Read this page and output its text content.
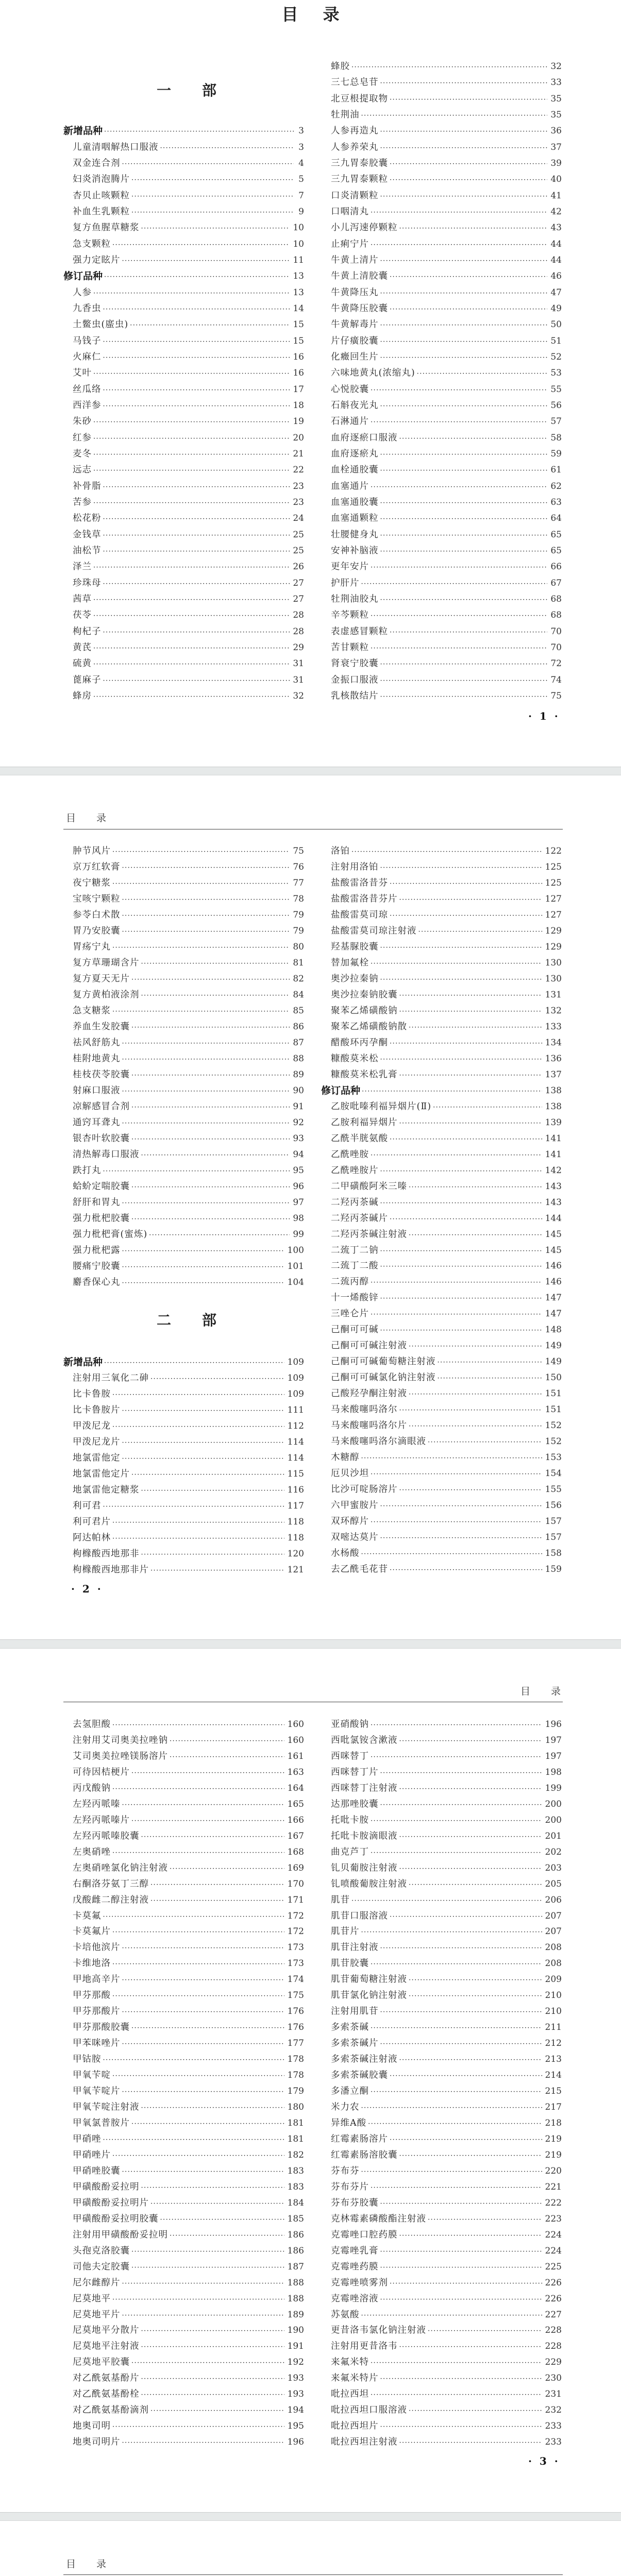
目录
一部
目录
目录
目录
二部
· 1 ·
· 2 ·
· 3 ·
新增品种 ·····	3
儿童清咽解热口服液 ·····	3
双金连合剂 ·····	4
妇炎消泡腾片 ·····	5
杏贝止咳颗粒 ·····	7
补血生乳颗粒 ·····	9
复方鱼腥草糖浆 ·····	10
急支颗粒 ·····	10
强力定眩片 ·····	11
修订品种 ·····	13
人参 ·····	13
九香虫 ·····	14
土鳖虫(䗪虫) ·····	15
马钱子 ·····	15
火麻仁 ·····	16
艾叶 ·····	16
丝瓜络 ·····	17
西洋参 ·····	18
朱砂 ·····	19
红参 ·····	20
麦冬 ·····	21
远志 ·····	22
补骨脂 ·····	23
苦参 ·····	23
松花粉 ·····	24
金钱草 ·····	25
油松节 ·····	25
泽兰 ·····	26
珍珠母 ·····	27
茜草 ·····	27
茯苓 ·····	28
枸杞子 ·····	28
黄芪 ·····	29
硫黄 ·····	31
蓖麻子 ·····	31
蜂房 ·····	32
蜂胶 ·····	32
三七总皂苷 ·····	33
北豆根提取物 ·····	35
牡荆油 ·····	35
人参再造丸 ·····	36
人参养荣丸 ·····	37
三九胃泰胶囊 ·····	39
三九胃泰颗粒 ·····	40
口炎清颗粒 ·····	41
口咽清丸 ·····	42
小儿泻速停颗粒 ·····	43
止痢宁片 ·····	44
牛黄上清片 ·····	44
牛黄上清胶囊 ·····	46
牛黄降压丸 ·····	47
牛黄降压胶囊 ·····	49
牛黄解毒片 ·····	50
片仔癀胶囊 ·····	51
化癥回生片 ·····	52
六味地黄丸(浓缩丸) ·····	53
心悦胶囊 ·····	55
石斛夜光丸 ·····	56
石淋通片 ·····	57
血府逐瘀口服液 ·····	58
血府逐瘀丸 ·····	59
血栓通胶囊 ·····	61
血塞通片 ·····	62
血塞通胶囊 ·····	63
血塞通颗粒 ·····	64
壮腰健身丸 ·····	65
安神补脑液 ·····	65
更年安片 ·····	66
护肝片 ·····	67
牡荆油胶丸 ·····	68
辛芩颗粒 ·····	68
表虚感冒颗粒 ·····	70
苦甘颗粒 ·····	70
肾衰宁胶囊 ·····	72
金振口服液 ·····	74
乳核散结片 ·····	75
肿节风片 ·····	75
京万红软膏 ·····	76
夜宁糖浆 ·····	77
宝咳宁颗粒 ·····	78
参苓白术散 ·····	79
胃乃安胶囊 ·····	79
胃疡宁丸 ·····	80
复方草珊瑚含片 ·····	81
复方夏天无片 ·····	82
复方黄柏液涂剂 ·····	84
急支糖浆 ·····	85
养血生发胶囊 ·····	86
祛风舒筋丸 ·····	87
桂附地黄丸 ·····	88
桂枝茯苓胶囊 ·····	89
射麻口服液 ·····	90
凉解感冒合剂 ·····	91
通窍耳聋丸 ·····	92
银杏叶软胶囊 ·····	93
清热解毒口服液 ·····	94
跌打丸 ·····	95
蛤蚧定喘胶囊 ·····	96
舒肝和胃丸 ·····	97
强力枇杷胶囊 ·····	98
强力枇杷膏(蜜炼) ·····	99
强力枇杷露 ·····	100
腰痛宁胶囊 ·····	101
麝香保心丸 ·····	104
新增品种 ·····	109
注射用三氧化二砷 ·····	109
比卡鲁胺 ·····	109
比卡鲁胺片 ·····	111
甲泼尼龙 ·····	112
甲泼尼龙片 ·····	114
地氯雷他定 ·····	114
地氯雷他定片 ·····	115
地氯雷他定糖浆 ·····	116
利可君 ·····	117
利可君片 ·····	118
阿达帕林 ·····	118
枸橼酸西地那非 ·····	120
枸橼酸西地那非片 ·····	121
洛铂 ·····	122
注射用洛铂 ·····	125
盐酸雷洛昔芬 ·····	125
盐酸雷洛昔芬片 ·····	127
盐酸雷莫司琼 ·····	127
盐酸雷莫司琼注射液 ·····	129
羟基脲胶囊 ·····	129
替加氟栓 ·····	130
奥沙拉秦钠 ·····	130
奥沙拉秦钠胶囊 ·····	131
聚苯乙烯磺酸钠 ·····	132
聚苯乙烯磺酸钠散 ·····	133
醋酸环丙孕酮 ·····	134
糠酸莫米松 ·····	136
糠酸莫米松乳膏 ·····	137
修订品种 ·····	138
乙胺吡嗪利福异烟片(Ⅱ) ·····	138
乙胺利福异烟片 ·····	139
乙酰半胱氨酸 ·····	141
乙酰唑胺 ·····	141
乙酰唑胺片 ·····	142
二甲磺酸阿米三嗪 ·····	143
二羟丙茶碱 ·····	143
二羟丙茶碱片 ·····	144
二羟丙茶碱注射液 ·····	145
二巯丁二钠 ·····	145
二巯丁二酸 ·····	146
二巯丙醇 ·····	146
十一烯酸锌 ·····	147
三唑仑片 ·····	147
己酮可可碱 ·····	148
己酮可可碱注射液 ·····	149
己酮可可碱葡萄糖注射液 ·····	149
己酮可可碱氯化钠注射液 ·····	150
己酸羟孕酮注射液 ·····	151
马来酸噻吗洛尔 ·····	151
马来酸噻吗洛尔片 ·····	152
马来酸噻吗洛尔滴眼液 ·····	152
木糖醇 ·····	153
厄贝沙坦 ·····	154
比沙可啶肠溶片 ·····	155
六甲蜜胺片 ·····	156
双环醇片 ·····	157
双嘧达莫片 ·····	157
水杨酸 ·····	158
去乙酰毛花苷 ·····	159
去氢胆酸 ·····	160
注射用艾司奥美拉唑钠 ·····	160
艾司奥美拉唑镁肠溶片 ·····	161
可待因桔梗片 ·····	163
丙戊酸钠 ·····	164
左羟丙哌嗪 ·····	165
左羟丙哌嗪片 ·····	166
左羟丙哌嗪胶囊 ·····	167
左奥硝唑 ·····	168
左奥硝唑氯化钠注射液 ·····	169
右酮洛芬氨丁三醇 ·····	170
戊酸雌二醇注射液 ·····	171
卡莫氟 ·····	172
卡莫氟片 ·····	172
卡培他滨片 ·····	173
卡维地洛 ·····	173
甲地高辛片 ·····	174
甲芬那酸 ·····	175
甲芬那酸片 ·····	176
甲芬那酸胶囊 ·····	176
甲苯咪唑片 ·····	177
甲钴胺 ·····	178
甲氧苄啶 ·····	178
甲氧苄啶片 ·····	179
甲氧苄啶注射液 ·····	180
甲氧氯普胺片 ·····	181
甲硝唑 ·····	181
甲硝唑片 ·····	182
甲硝唑胶囊 ·····	183
甲磺酸酚妥拉明 ·····	183
甲磺酸酚妥拉明片 ·····	184
甲磺酸酚妥拉明胶囊 ·····	185
注射用甲磺酸酚妥拉明 ·····	186
头孢克洛胶囊 ·····	186
司他夫定胶囊 ·····	187
尼尔雌醇片 ·····	188
尼莫地平 ·····	188
尼莫地平片 ·····	189
尼莫地平分散片 ·····	190
尼莫地平注射液 ·····	191
尼莫地平胶囊 ·····	192
对乙酰氨基酚片 ·····	193
对乙酰氨基酚栓 ·····	193
对乙酰氨基酚滴剂 ·····	194
地奥司明 ·····	195
地奥司明片 ·····	196
亚硝酸钠 ·····	196
西吡氯铵含漱液 ·····	197
西咪替丁 ·····	197
西咪替丁片 ·····	198
西咪替丁注射液 ·····	199
达那唑胶囊 ·····	200
托吡卡胺 ·····	200
托吡卡胺滴眼液 ·····	201
曲克芦丁 ·····	202
钆贝葡胺注射液 ·····	203
钆喷酸葡胺注射液 ·····	205
肌苷 ·····	206
肌苷口服溶液 ·····	207
肌苷片 ·····	207
肌苷注射液 ·····	208
肌苷胶囊 ·····	208
肌苷葡萄糖注射液 ·····	209
肌苷氯化钠注射液 ·····	210
注射用肌苷 ·····	210
多索茶碱 ·····	211
多索茶碱片 ·····	212
多索茶碱注射液 ·····	213
多索茶碱胶囊 ·····	214
多潘立酮 ·····	215
米力农 ·····	217
异维A酸 ·····	218
红霉素肠溶片 ·····	219
红霉素肠溶胶囊 ·····	219
芬布芬 ·····	220
芬布芬片 ·····	221
芬布芬胶囊 ·····	222
克林霉素磷酸酯注射液 ·····	223
克霉唑口腔药膜 ·····	224
克霉唑乳膏 ·····	224
克霉唑药膜 ·····	225
克霉唑喷雾剂 ·····	226
克霉唑溶液 ·····	226
苏氨酸 ·····	227
更昔洛韦氯化钠注射液 ·····	228
注射用更昔洛韦 ·····	228
来氟米特 ·····	229
来氟米特片 ·····	230
吡拉西坦 ·····	231
吡拉西坦口服溶液 ·····	232
吡拉西坦片 ·····	233
吡拉西坦注射液 ·····	233
